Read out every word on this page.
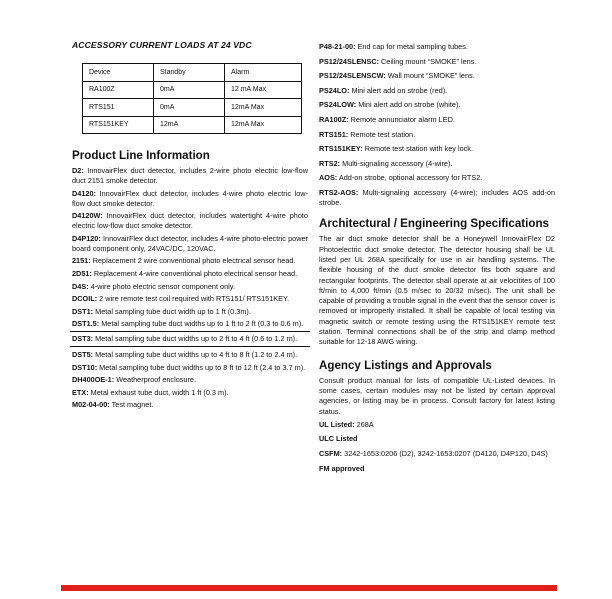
ACCESSORY CURRENT LOADS AT 24 VDC
Device	Standby	Alarm
RA100Z	0mA	12 mA Max
RTS151	0mA	12mA Max
RTS151KEY	12mA	12mA Max
Product Line Information
D2: InnovairFlex duct detector, includes 2-wire photo electric low-flow duct 2151 smoke detector.
D4120: InnovairFlex duct detector, includes 4-wire photo electric low-flow duct smoke detector.
D4120W: InnovairFlex duct detector, includes watertight 4-wire photo electric low-flow duct smoke detector.
D4P120: InnovairFlex duct detector, includes 4-wire photo-electric power board component only, 24VAC/DC, 120VAC.
2151: Replacement 2 wire conventional photo electrical sensor head.
2D51: Replacement 4-wire conventional photo electrical sensor head.
D4S: 4-wire photo electric sensor component only.
DCOIL: 2 wire remote test coil required with RTS151/ RTS151KEY.
DST1: Metal sampling tube duct width up to 1 ft (0.3m).
DST1.5: Metal sampling tube duct widths up to 1 ft to 2 ft (0.3 to 0.6 m).
DST3: Metal sampling tube duct widths up to 2 ft to 4 ft (0.6 to 1.2 m).
DST5: Metal sampling tube duct widths up to 4 ft to 8 ft (1.2 to 2.4 m).
DST10: Metal sampling tube duct widths up to 8 ft to 12 ft (2.4 to 3.7 m).
DH400OE-1: Weatherproof enclosure.
ETX: Metal exhaust tube duct, width 1 ft (0.3 m).
M02-04-00: Test magnet.
P48-21-00: End cap for metal sampling tubes.
PS12/24SLENSC: Ceiling mount “SMOKE” lens.
PS12/24SLENSCW: Wall mount “SMOKE” lens.
PS24LO: Mini alert add on strobe (red).
PS24LOW: Mini alert add on strobe (white).
RA100Z: Remote annunciator alarm LED.
RTS151: Remote test station.
RTS151KEY: Remote test station with key lock.
RTS2: Multi-signaling accessory (4-wire).
AOS: Add-on strobe, optional accessory for RTS2.
RTS2-AOS: Multi-signaling accessory (4-wire); includes AOS add-on strobe.
Architectural / Engineering Specifications
The air duct smoke detector shall be a Honeywell InnovairFlex D2 Photoelectric duct smoke detector. The detector housing shall be UL listed per UL 268A specifically for use in air handling systems. The flexible housing of the duct smoke detector fits both square and rectangular footprints. The detector shall operate at air velocitites of 100 ft/min to 4,000 ft/min (0.5 m/sec to 20/32 m/sec). The unit shall be capable of providing a trouble signal in the event that the sensor cover is removed or improperly installed. It shall be capable of local testing via magnetic switch or remote testing using the RTS151KEY remote test station. Terminal connections shall be of the strip and clamp method suitable for 12-18 AWG wiring.
Agency Listings and Approvals
Consult product manual for lists of compatible UL-Listed devices. In some cases, certain modules may not be listed by certain approval agencies, or listing may be in process. Consult factory for latest listing status.
UL Listed: 268A
ULC Listed
CSFM: 3242-1653:0206 (D2), 3242-1653:0207 (D4120, D4P120, D4S)
FM approved
